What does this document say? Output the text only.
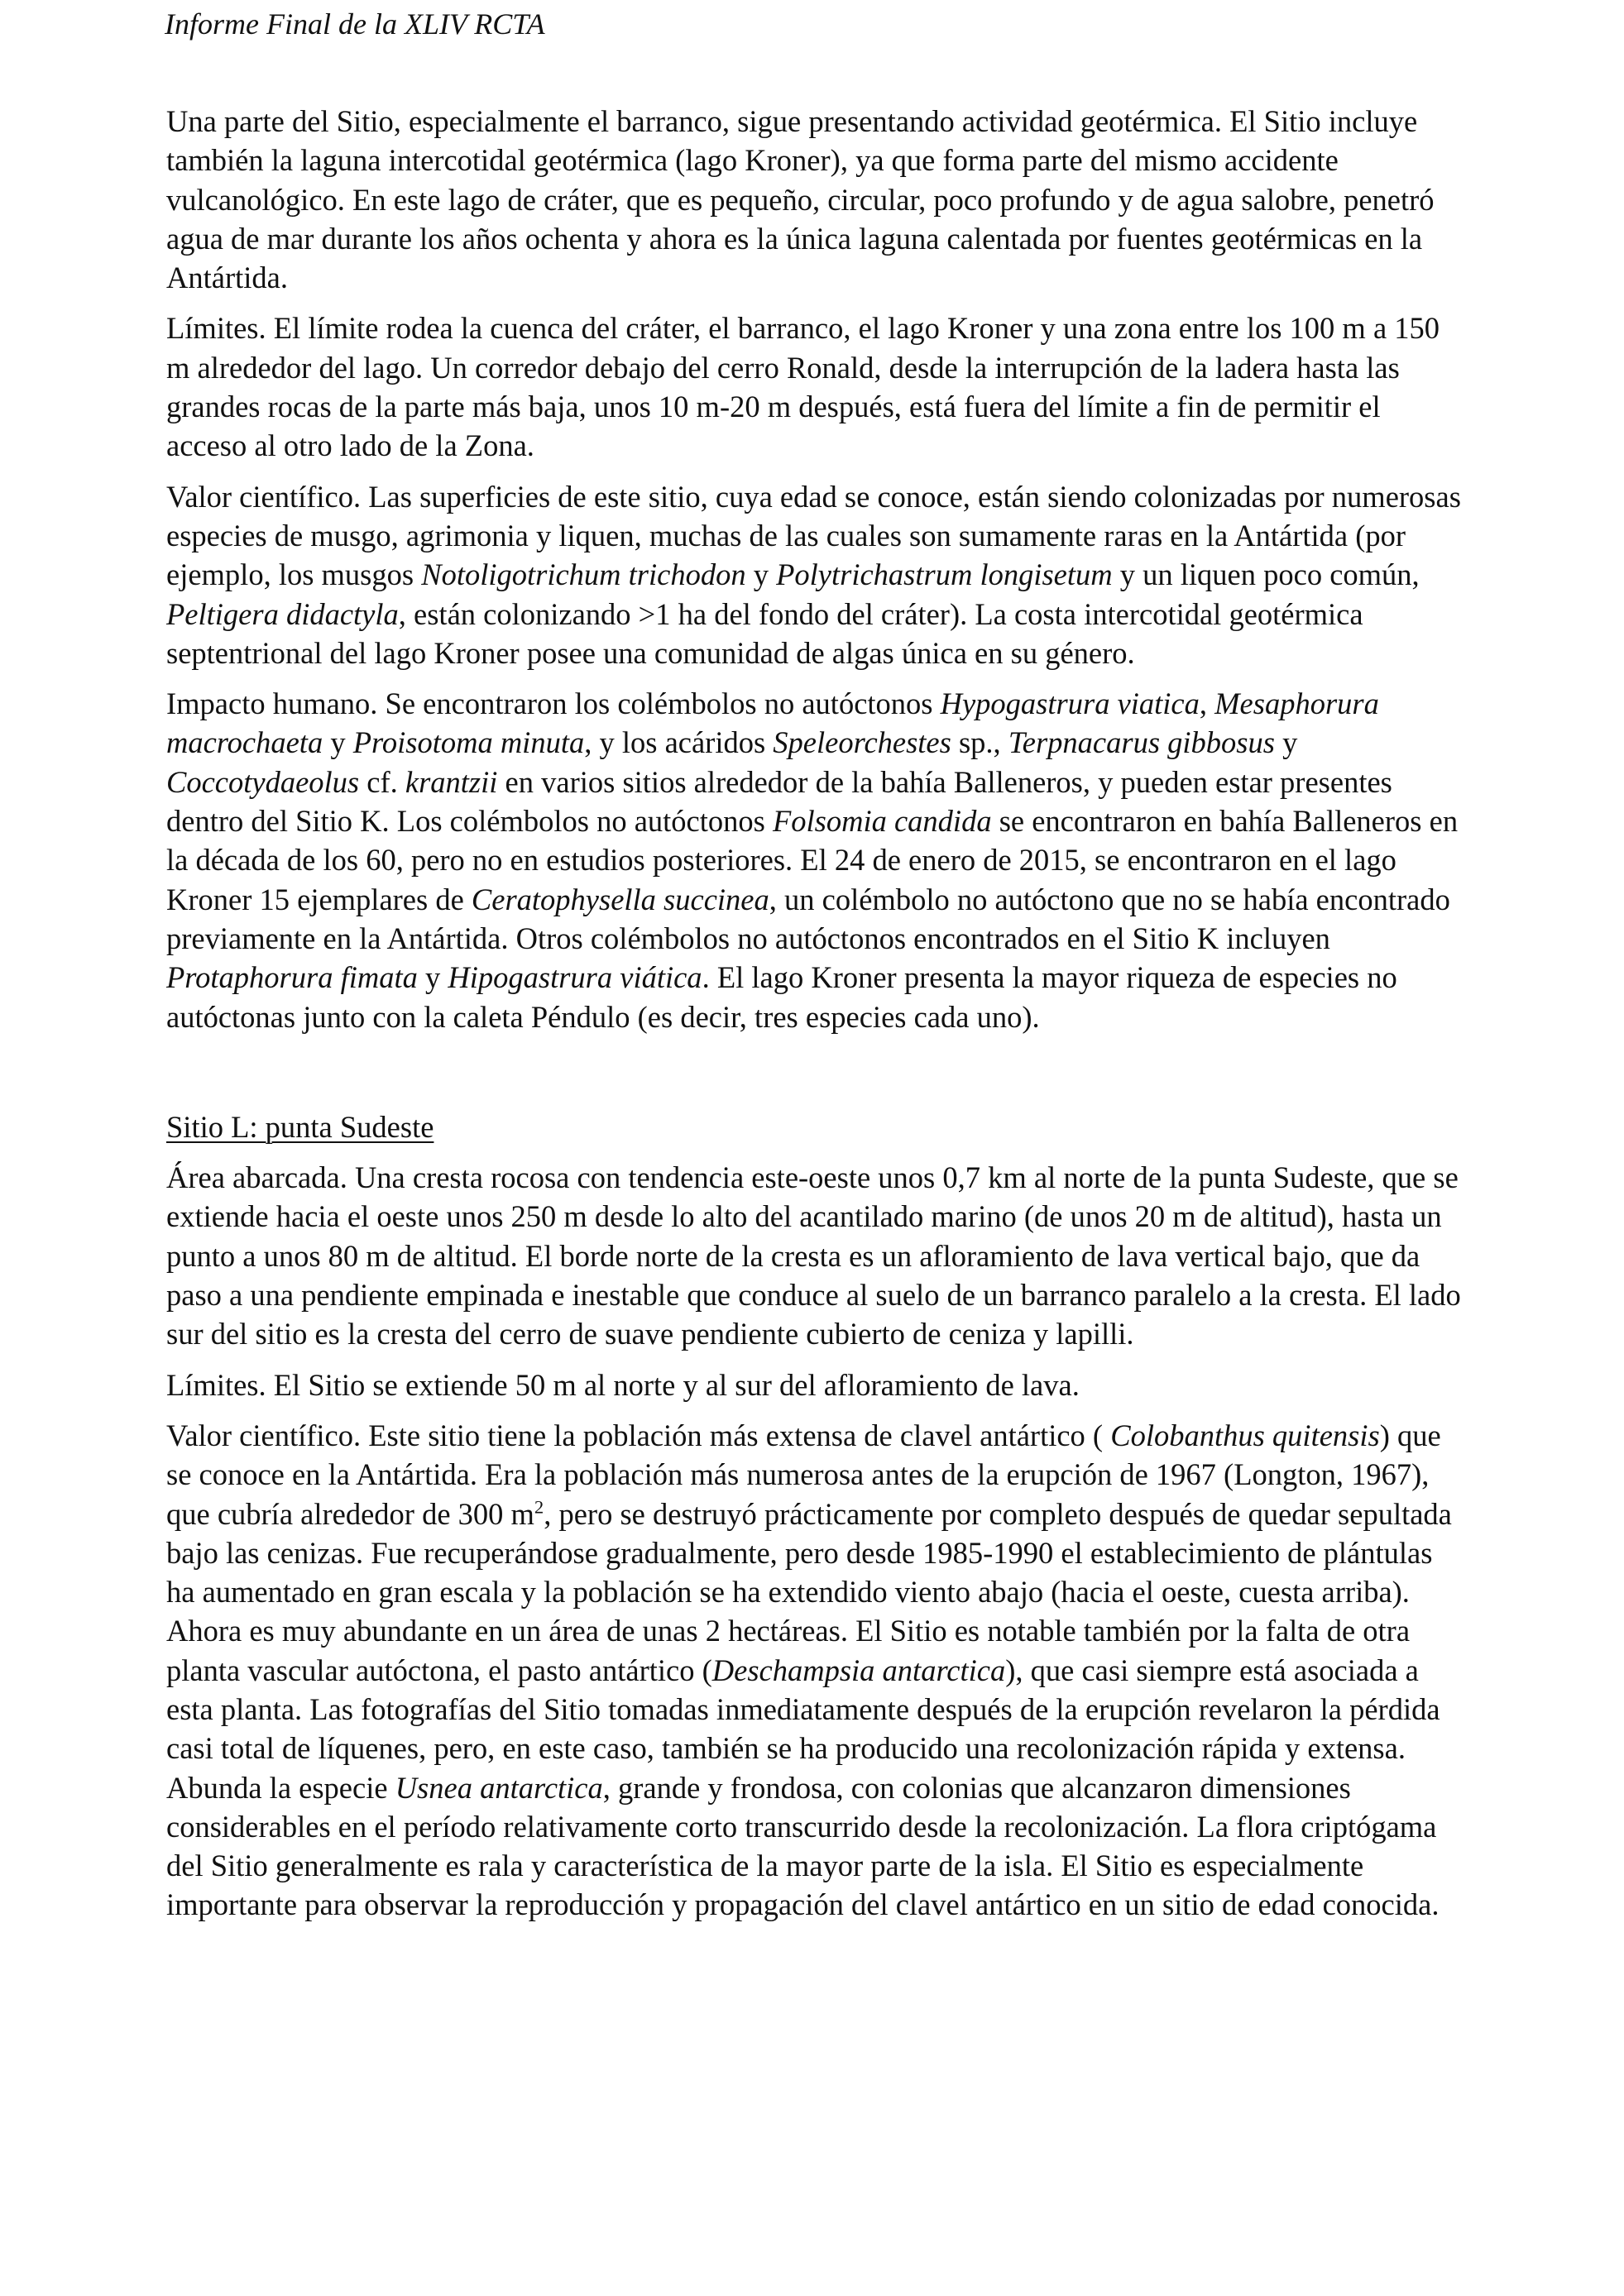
Informe Final de la XLIV RCTA

Una parte del Sitio, especialmente el barranco, sigue presentando actividad geotérmica. El Sitio incluye también la laguna intercotidal geotérmica (lago Kroner), ya que forma parte del mismo accidente vulcanológico. En este lago de cráter, que es pequeño, circular, poco profundo y de agua salobre, penetró agua de mar durante los años ochenta y ahora es la única laguna calentada por fuentes geotérmicas en la Antártida.

Límites. El límite rodea la cuenca del cráter, el barranco, el lago Kroner y una zona entre los 100 m a 150 m alrededor del lago. Un corredor debajo del cerro Ronald, desde la interrupción de la ladera hasta las grandes rocas de la parte más baja, unos 10 m-20 m después, está fuera del límite a fin de permitir el acceso al otro lado de la Zona.

Valor científico. Las superficies de este sitio, cuya edad se conoce, están siendo colonizadas por numerosas especies de musgo, agrimonia y liquen, muchas de las cuales son sumamente raras en la Antártida (por ejemplo, los musgos Notoligotrichum trichodon y Polytrichastrum longisetum y un liquen poco común, Peltigera didactyla, están colonizando >1 ha del fondo del cráter). La costa intercotidal geotérmica septentrional del lago Kroner posee una comunidad de algas única en su género.

Impacto humano. Se encontraron los colémbolos no autóctonos Hypogastrura viatica, Mesaphorura macrochaeta y Proisotoma minuta, y los acáridos Speleorchestes sp., Terpnacarus gibbosus y Coccotydaeolus cf. krantzii en varios sitios alrededor de la bahía Balleneros, y pueden estar presentes dentro del Sitio K. Los colémbolos no autóctonos Folsomia candida se encontraron en bahía Balleneros en la década de los 60, pero no en estudios posteriores. El 24 de enero de 2015, se encontraron en el lago Kroner 15 ejemplares de Ceratophysella succinea, un colémbolo no autóctono que no se había encontrado previamente en la Antártida. Otros colémbolos no autóctonos encontrados en el Sitio K incluyen Protaphorura fimata y Hipogastrura viática. El lago Kroner presenta la mayor riqueza de especies no autóctonas junto con la caleta Péndulo (es decir, tres especies cada uno).

Sitio L: punta Sudeste

Área abarcada. Una cresta rocosa con tendencia este-oeste unos 0,7 km al norte de la punta Sudeste, que se extiende hacia el oeste unos 250 m desde lo alto del acantilado marino (de unos 20 m de altitud), hasta un punto a unos 80 m de altitud. El borde norte de la cresta es un afloramiento de lava vertical bajo, que da paso a una pendiente empinada e inestable que conduce al suelo de un barranco paralelo a la cresta. El lado sur del sitio es la cresta del cerro de suave pendiente cubierto de ceniza y lapilli.

Límites. El Sitio se extiende 50 m al norte y al sur del afloramiento de lava.

Valor científico. Este sitio tiene la población más extensa de clavel antártico ( Colobanthus quitensis) que se conoce en la Antártida. Era la población más numerosa antes de la erupción de 1967 (Longton, 1967), que cubría alrededor de 300 $m^2$, pero se destruyó prácticamente por completo después de quedar sepultada bajo las cenizas. Fue recuperándose gradualmente, pero desde 1985-1990 el establecimiento de plántulas ha aumentado en gran escala y la población se ha extendido viento abajo (hacia el oeste, cuesta arriba). Ahora es muy abundante en un área de unas 2 hectáreas. El Sitio es notable también por la falta de otra planta vascular autóctona, el pasto antártico (Deschampsia antarctica), que casi siempre está asociada a esta planta. Las fotografías del Sitio tomadas inmediatamente después de la erupción revelaron la pérdida casi total de líquenes, pero, en este caso, también se ha producido una recolonización rápida y extensa. Abunda la especie Usnea antarctica, grande y frondosa, con colonias que alcanzaron dimensiones considerables en el período relativamente corto transcurrido desde la recolonización. La flora criptógama del Sitio generalmente es rala y característica de la mayor parte de la isla. El Sitio es especialmente importante para observar la reproducción y propagación del clavel antártico en un sitio de edad conocida.
